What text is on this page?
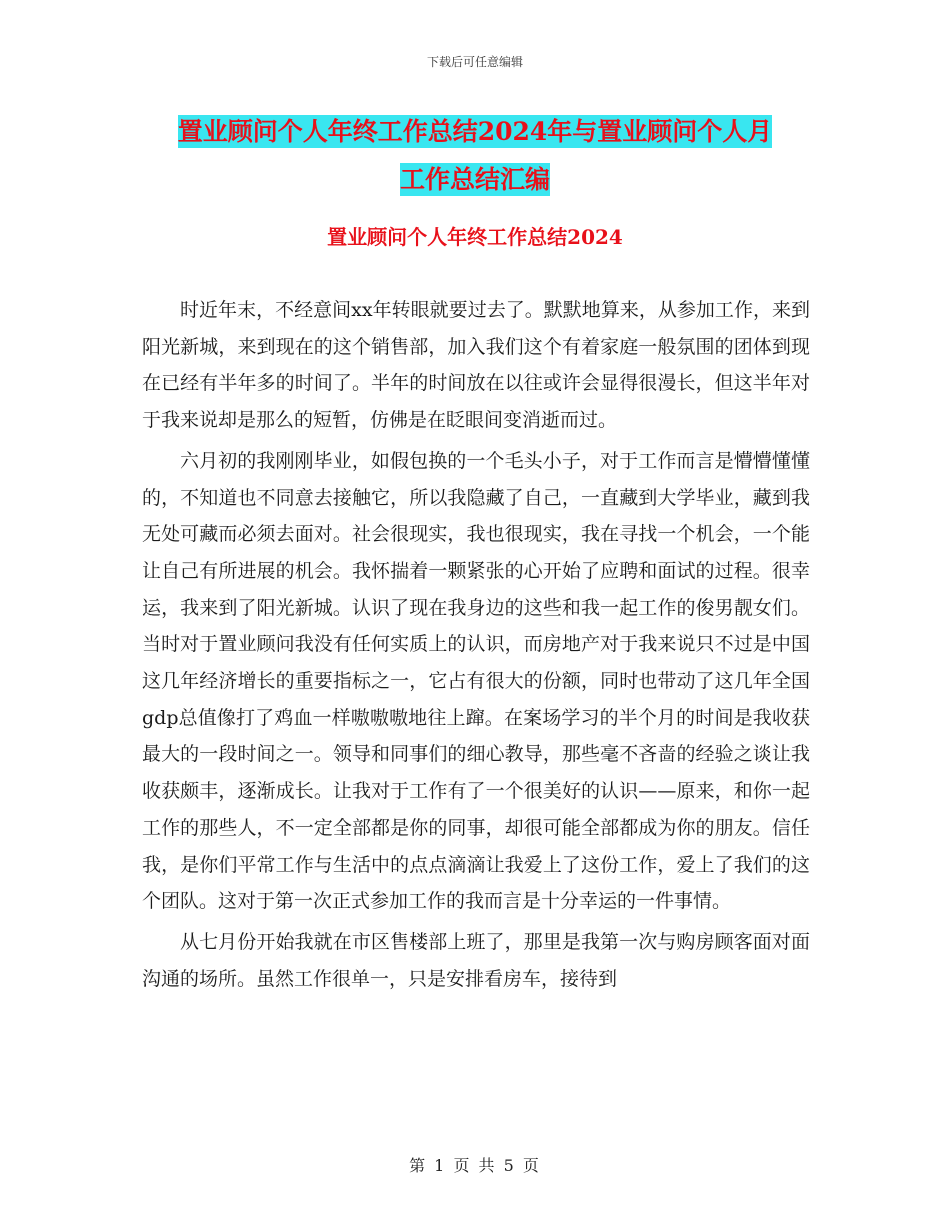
下载后可任意编辑
置业顾问个人年终工作总结2024年与置业顾问个人月
工作总结汇编
置业顾问个人年终工作总结2024

时近年末，不经意间xx年转眼就要过去了。默默地算来，从参加工作，来到阳光新城，来到现在的这个销售部，加入我们这个有着家庭一般氛围的团体到现在已经有半年多的时间了。半年的时间放在以往或许会显得很漫长，但这半年对于我来说却是那么的短暂，仿佛是在眨眼间变消逝而过。

六月初的我刚刚毕业，如假包换的一个毛头小子，对于工作而言是懵懵懂懂的，不知道也不同意去接触它，所以我隐藏了自己，一直藏到大学毕业，藏到我无处可藏而必须去面对。社会很现实，我也很现实，我在寻找一个机会，一个能让自己有所进展的机会。我怀揣着一颗紧张的心开始了应聘和面试的过程。很幸运，我来到了阳光新城。认识了现在我身边的这些和我一起工作的俊男靓女们。当时对于置业顾问我没有任何实质上的认识，而房地产对于我来说只不过是中国这几年经济增长的重要指标之一，它占有很大的份额，同时也带动了这几年全国gdp总值像打了鸡血一样嗷嗷嗷地往上蹿。在案场学习的半个月的时间是我收获最大的一段时间之一。领导和同事们的细心教导，那些毫不吝啬的经验之谈让我收获颇丰，逐渐成长。让我对于工作有了一个很美好的认识——原来，和你一起工作的那些人，不一定全部都是你的同事，却很可能全部都成为你的朋友。信任我，是你们平常工作与生活中的点点滴滴让我爱上了这份工作，爱上了我们的这个团队。这对于第一次正式参加工作的我而言是十分幸运的一件事情。

从七月份开始我就在市区售楼部上班了，那里是我第一次与购房顾客面对面沟通的场所。虽然工作很单一，只是安排看房车，接待到

第 1 页 共 5 页
